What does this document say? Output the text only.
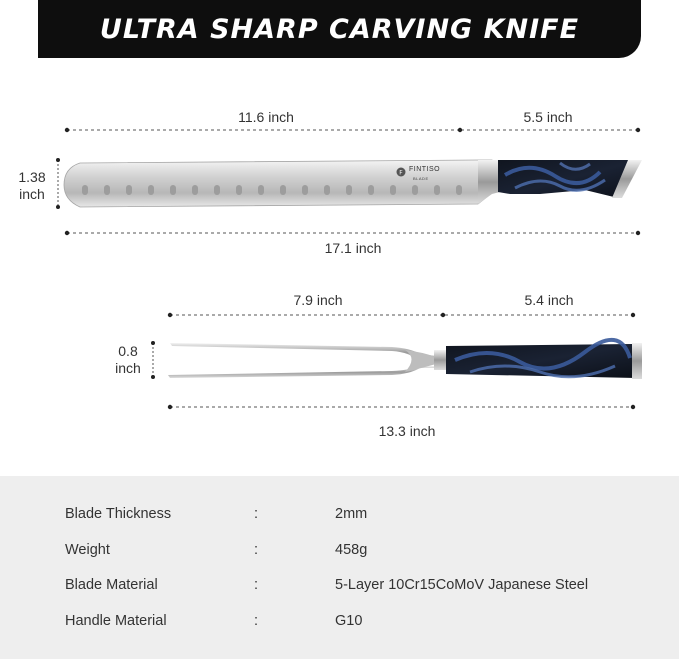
ULTRA SHARP CARVING KNIFE
F
11.6 inch	5.5 inch
17.1 inch
1.38
inch
FINTISO
BLADE
7.9 inch	5.4 inch
13.3 inch
0.8
inch
Blade Thickness	:	2mm
Weight	:	458g
Blade Material	:	5-Layer 10Cr15CoMoV Japanese Steel
Handle Material	:	G10
